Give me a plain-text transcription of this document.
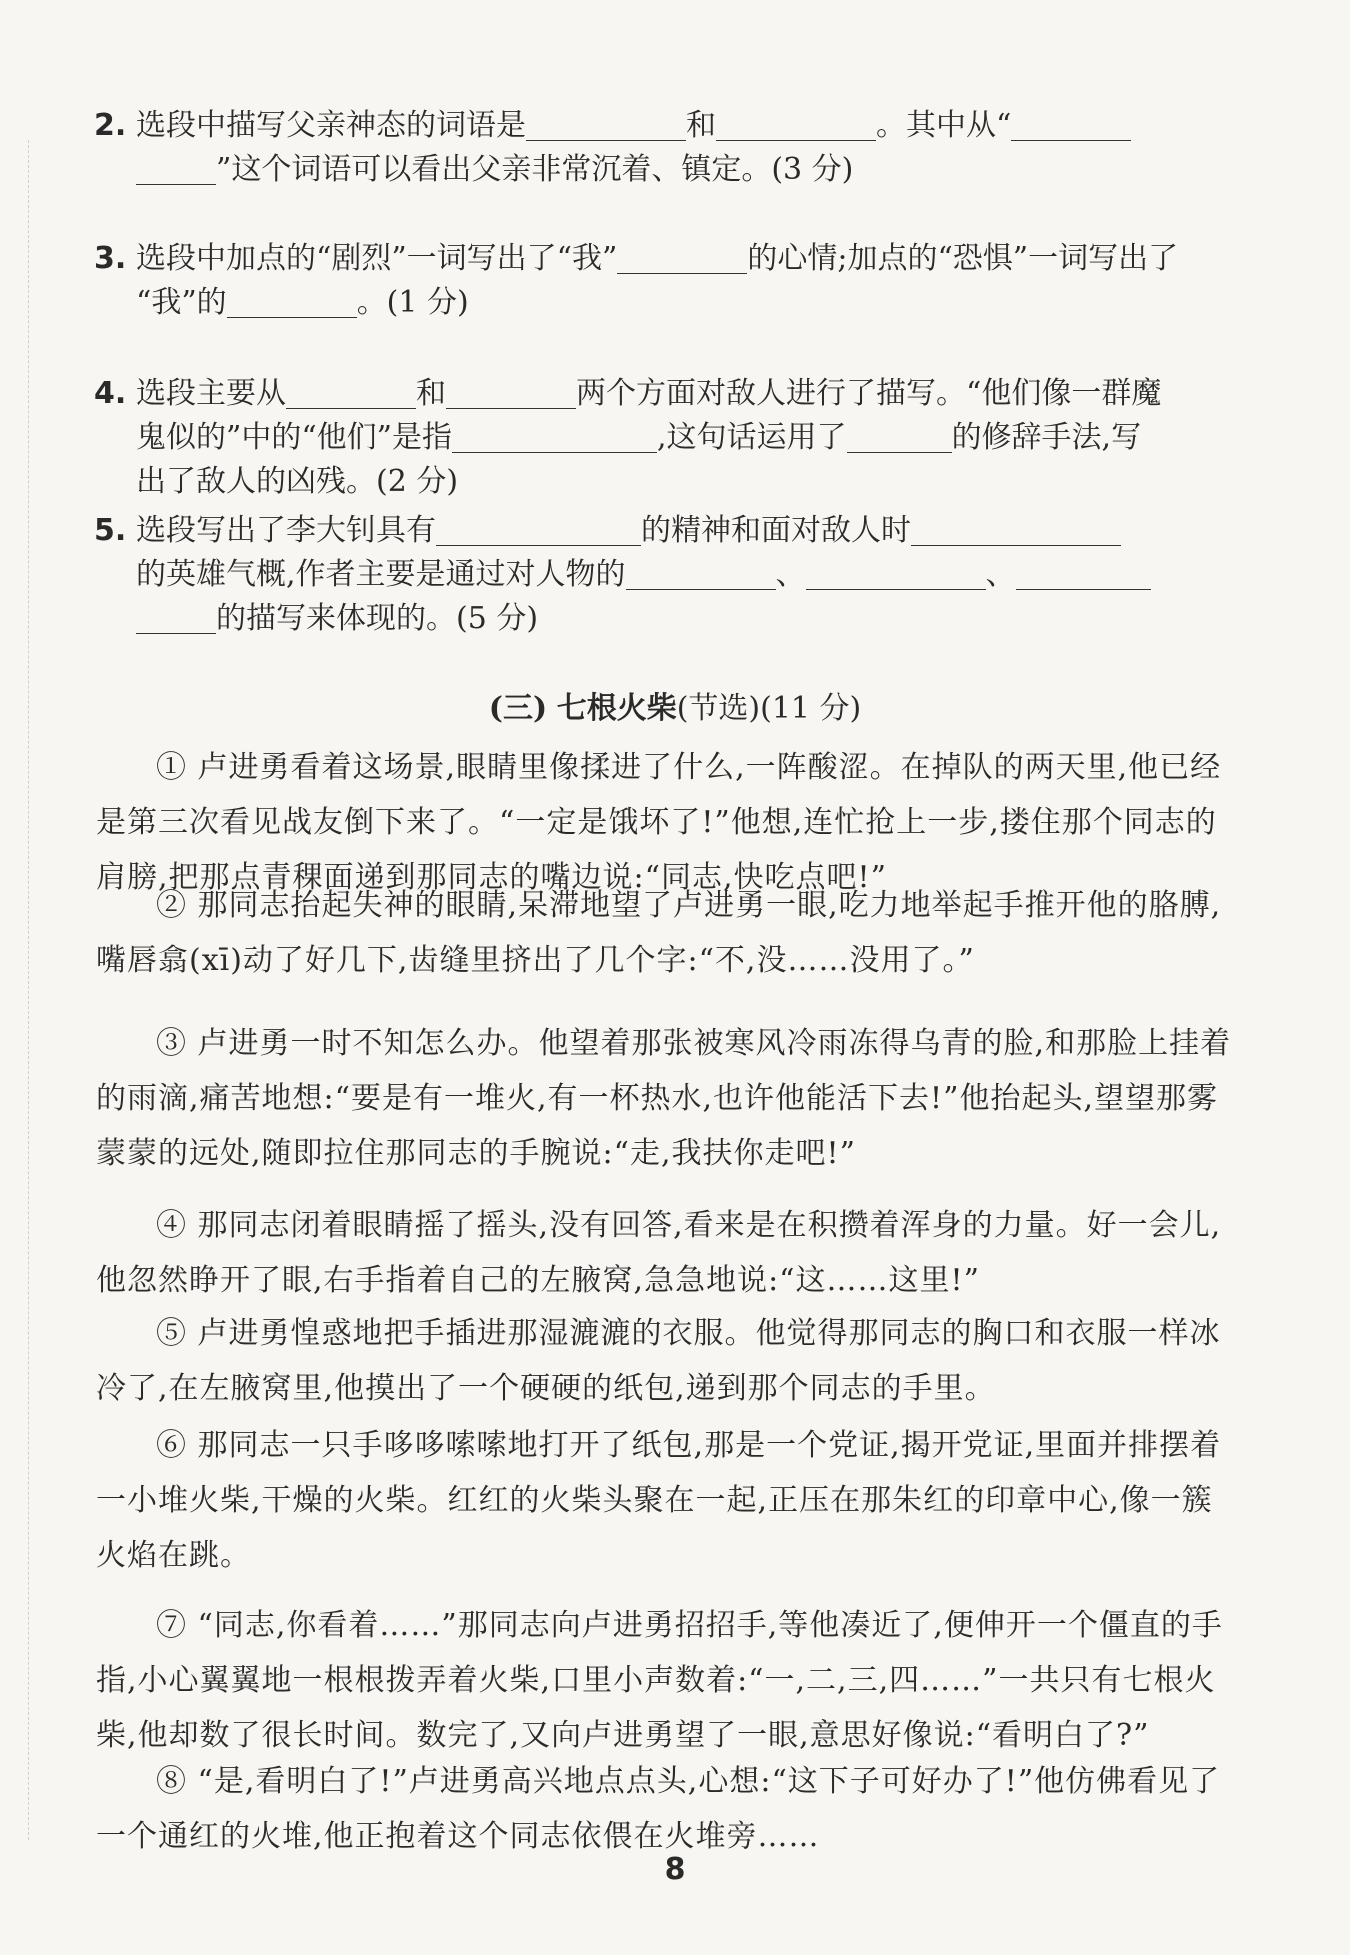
2. 选段中描写父亲神态的词语是	和	。其中从“
”这个词语可以看出父亲非常沉着、镇定。(3 分)
3. 选段中加点的“剧烈”一词写出了“我”	的心情;加点的“恐惧”一词写出了
“我”的	。(1 分)
4. 选段主要从	和	两个方面对敌人进行了描写。“他们像一群魔
鬼似的”中的“他们”是指	,这句话运用了	的修辞手法,写
出了敌人的凶残。(2 分)
5. 选段写出了李大钊具有	的精神和面对敌人时
的英雄气概,作者主要是通过对人物的	、	、
的描写来体现的。(5 分)
(三) 七根火柴(节选)(11 分)
① 卢进勇看着这场景,眼睛里像揉进了什么,一阵酸涩。在掉队的两天里,他已经
是第三次看见战友倒下来了。“一定是饿坏了!”他想,连忙抢上一步,搂住那个同志的
肩膀,把那点青稞面递到那同志的嘴边说:“同志,快吃点吧!”
② 那同志抬起失神的眼睛,呆滞地望了卢进勇一眼,吃力地举起手推开他的胳膊,
嘴唇翕(xī)动了好几下,齿缝里挤出了几个字:“不,没……没用了。”
③ 卢进勇一时不知怎么办。他望着那张被寒风冷雨冻得乌青的脸,和那脸上挂着
的雨滴,痛苦地想:“要是有一堆火,有一杯热水,也许他能活下去!”他抬起头,望望那雾
蒙蒙的远处,随即拉住那同志的手腕说:“走,我扶你走吧!”
④ 那同志闭着眼睛摇了摇头,没有回答,看来是在积攒着浑身的力量。好一会儿,
他忽然睁开了眼,右手指着自己的左腋窝,急急地说:“这……这里!”
⑤ 卢进勇惶惑地把手插进那湿漉漉的衣服。他觉得那同志的胸口和衣服一样冰
冷了,在左腋窝里,他摸出了一个硬硬的纸包,递到那个同志的手里。
⑥ 那同志一只手哆哆嗦嗦地打开了纸包,那是一个党证,揭开党证,里面并排摆着
一小堆火柴,干燥的火柴。红红的火柴头聚在一起,正压在那朱红的印章中心,像一簇
火焰在跳。
⑦ “同志,你看着……”那同志向卢进勇招招手,等他凑近了,便伸开一个僵直的手
指,小心翼翼地一根根拨弄着火柴,口里小声数着:“一,二,三,四……”一共只有七根火
柴,他却数了很长时间。数完了,又向卢进勇望了一眼,意思好像说:“看明白了?”
⑧ “是,看明白了!”卢进勇高兴地点点头,心想:“这下子可好办了!”他仿佛看见了
一个通红的火堆,他正抱着这个同志依偎在火堆旁……
8
